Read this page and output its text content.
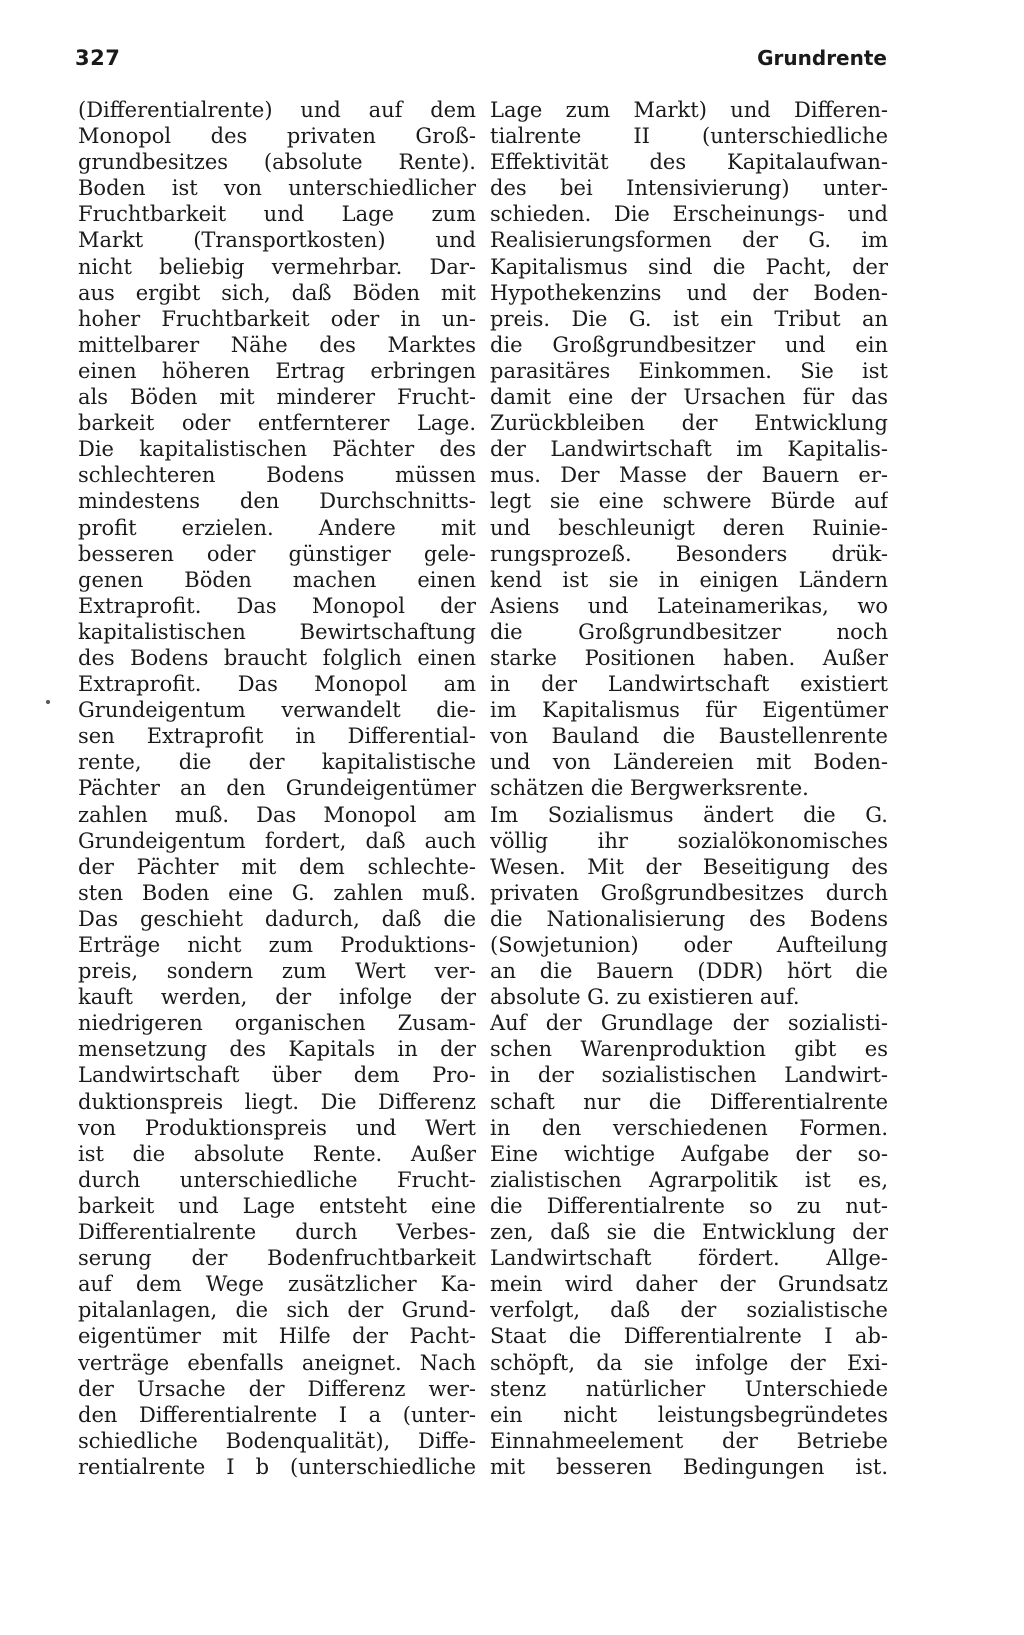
327	Grundrente
(Differentialrente) und auf dem
Monopol des privaten Groß-
grundbesitzes (absolute Rente).
Boden ist von unterschiedlicher
Fruchtbarkeit und Lage zum
Markt (Transportkosten) und
nicht beliebig vermehrbar. Dar-
aus ergibt sich, daß Böden mit
hoher Fruchtbarkeit oder in un-
mittelbarer Nähe des Marktes
einen höheren Ertrag erbringen
als Böden mit minderer Frucht-
barkeit oder entfernterer Lage.
Die kapitalistischen Pächter des
schlechteren Bodens müssen
mindestens den Durchschnitts-
profit erzielen. Andere mit
besseren oder günstiger gele-
genen Böden machen einen
Extraprofit. Das Monopol der
kapitalistischen Bewirtschaftung
des Bodens braucht folglich einen
Extraprofit. Das Monopol am
Grundeigentum verwandelt die-
sen Extraprofit in Differential-
rente, die der kapitalistische
Pächter an den Grundeigentümer
zahlen muß. Das Monopol am
Grundeigentum fordert, daß auch
der Pächter mit dem schlechte-
sten Boden eine G. zahlen muß.
Das geschieht dadurch, daß die
Erträge nicht zum Produktions-
preis, sondern zum Wert ver-
kauft werden, der infolge der
niedrigeren organischen Zusam-
mensetzung des Kapitals in der
Landwirtschaft über dem Pro-
duktionspreis liegt. Die Differenz
von Produktionspreis und Wert
ist die absolute Rente. Außer
durch unterschiedliche Frucht-
barkeit und Lage entsteht eine
Differentialrente durch Verbes-
serung der Bodenfruchtbarkeit
auf dem Wege zusätzlicher Ka-
pitalanlagen, die sich der Grund-
eigentümer mit Hilfe der Pacht-
verträge ebenfalls aneignet. Nach
der Ursache der Differenz wer-
den Differentialrente I a (unter-
schiedliche Bodenqualität), Diffe-
rentialrente I b (unterschiedliche
Lage zum Markt) und Differen-
tialrente II (unterschiedliche
Effektivität des Kapitalaufwan-
des bei Intensivierung) unter-
schieden. Die Erscheinungs- und
Realisierungsformen der G. im
Kapitalismus sind die Pacht, der
Hypothekenzins und der Boden-
preis. Die G. ist ein Tribut an
die Großgrundbesitzer und ein
parasitäres Einkommen. Sie ist
damit eine der Ursachen für das
Zurückbleiben der Entwicklung
der Landwirtschaft im Kapitalis-
mus. Der Masse der Bauern er-
legt sie eine schwere Bürde auf
und beschleunigt deren Ruinie-
rungsprozeß. Besonders drük-
kend ist sie in einigen Ländern
Asiens und Lateinamerikas, wo
die Großgrundbesitzer noch
starke Positionen haben. Außer
in der Landwirtschaft existiert
im Kapitalismus für Eigentümer
von Bauland die Baustellenrente
und von Ländereien mit Boden-
schätzen die Bergwerksrente.
Im Sozialismus ändert die G.
völlig ihr sozialökonomisches
Wesen. Mit der Beseitigung des
privaten Großgrundbesitzes durch
die Nationalisierung des Bodens
(Sowjetunion) oder Aufteilung
an die Bauern (DDR) hört die
absolute G. zu existieren auf.
Auf der Grundlage der sozialisti-
schen Warenproduktion gibt es
in der sozialistischen Landwirt-
schaft nur die Differentialrente
in den verschiedenen Formen.
Eine wichtige Aufgabe der so-
zialistischen Agrarpolitik ist es,
die Differentialrente so zu nut-
zen, daß sie die Entwicklung der
Landwirtschaft fördert. Allge-
mein wird daher der Grundsatz
verfolgt, daß der sozialistische
Staat die Differentialrente I ab-
schöpft, da sie infolge der Exi-
stenz natürlicher Unterschiede
ein nicht leistungsbegründetes
Einnahmeelement der Betriebe
mit besseren Bedingungen ist.
